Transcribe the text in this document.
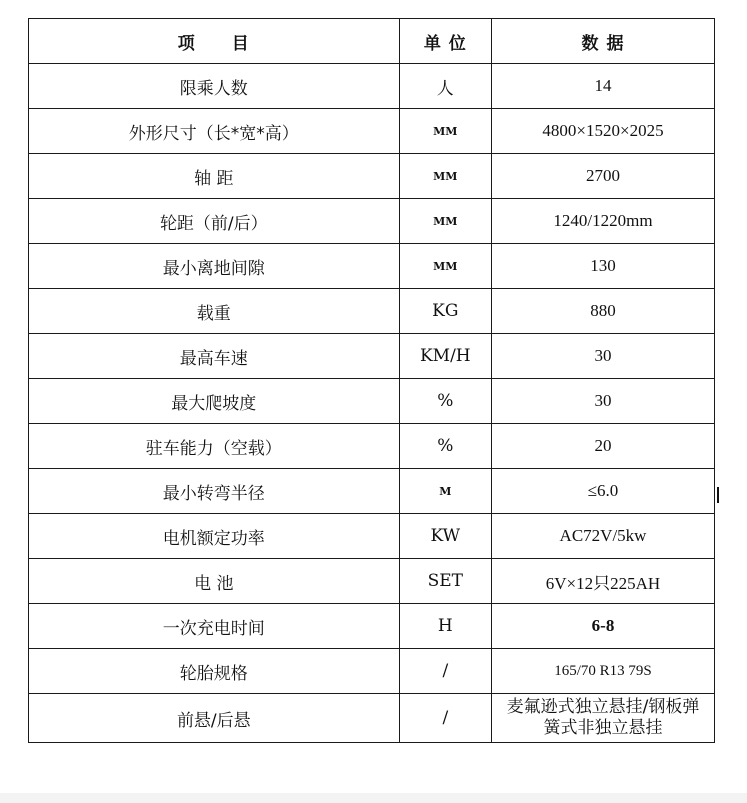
项　　目	单 位	数 据
限乘人数	人	14
外形尺寸（长*宽*高）	MM	4800×1520×2025
轴 距	MM	2700
轮距（前/后）	MM	1240/1220mm
最小离地间隙	MM	130
载重	KG	880
最高车速	KM/H	30
最大爬坡度	%	30
驻车能力（空载）	%	20
最小转弯半径	M	≤6.0
电机额定功率	KW	AC72V/5kw
电 池	SET	6V×12只225AH
一次充电时间	H	6-8
轮胎规格	/	165/70 R13 79S
前悬/后悬	/	麦氟逊式独立悬挂/钢板弹
簧式非独立悬挂
